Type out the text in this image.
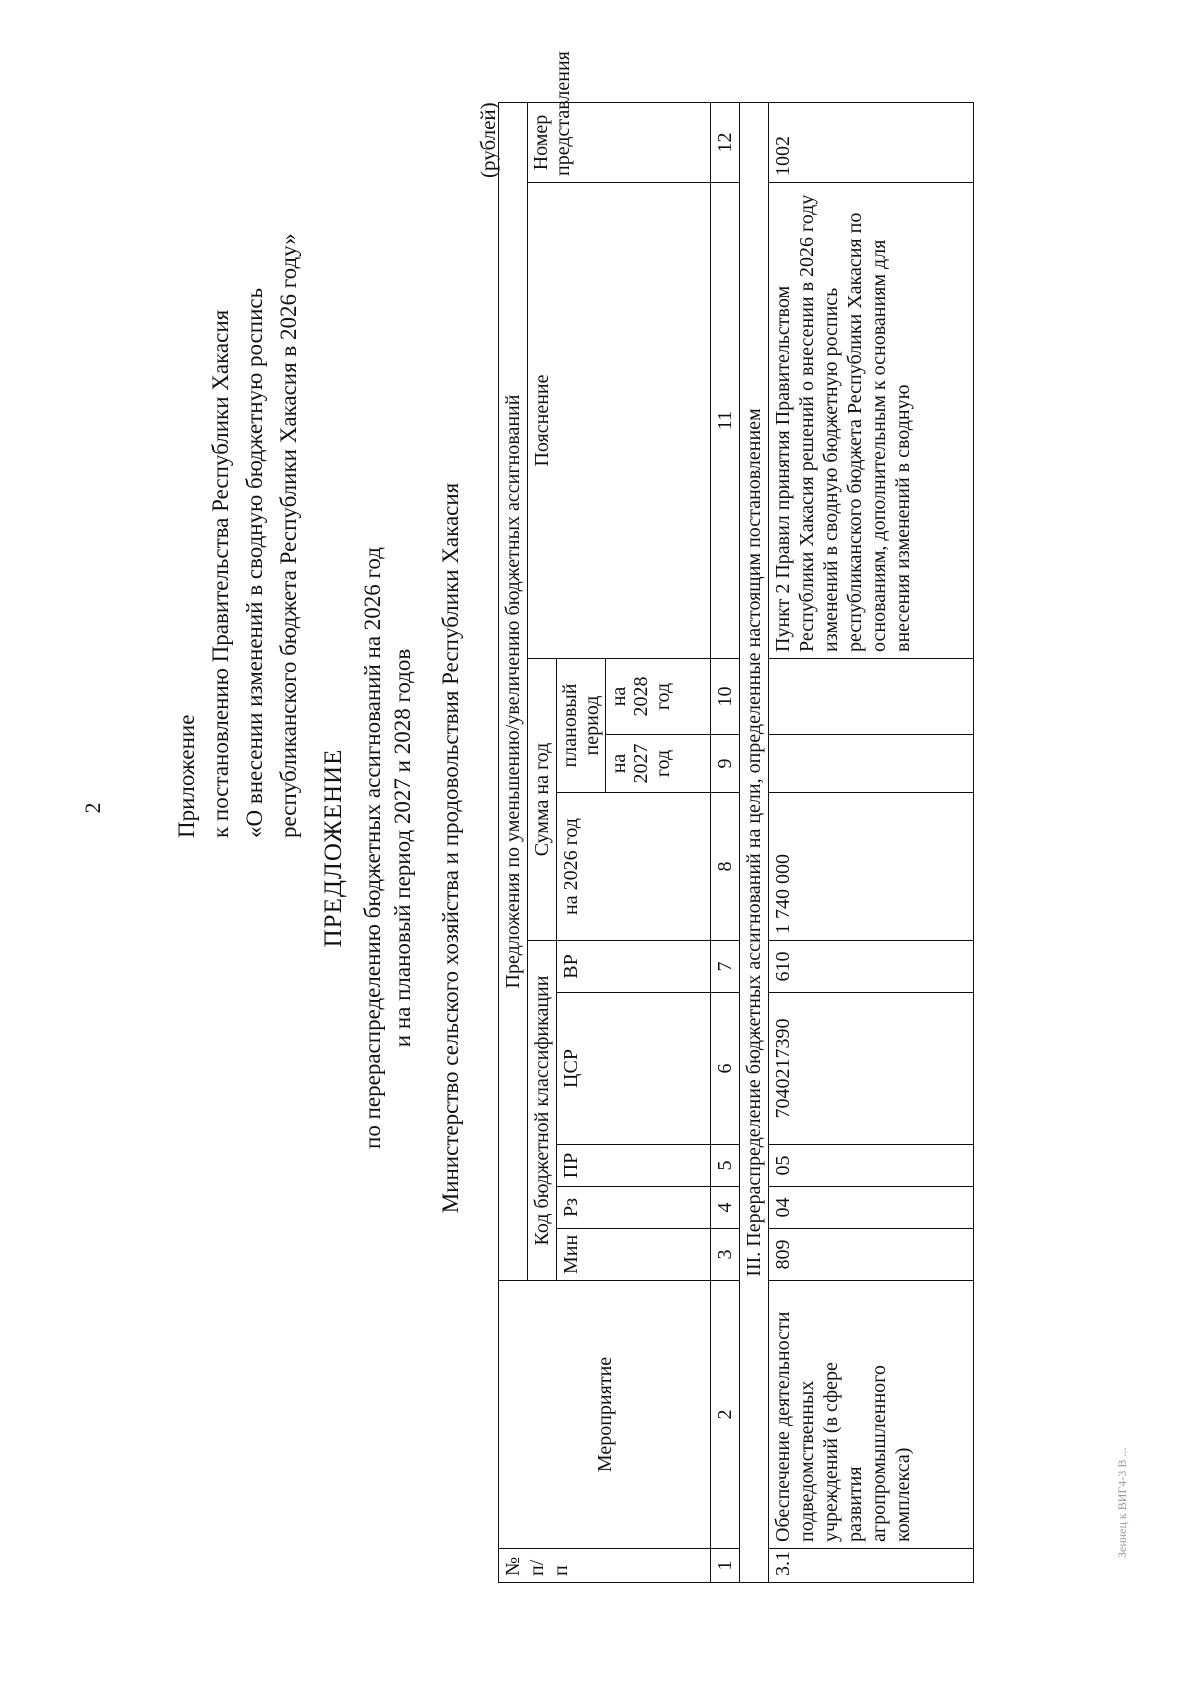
2	Приложение к постановлению Правительства Республики Хакасия «О внесении изменений в сводную бюджетную роспись республиканского бюджета Республики Хакасия в 2026 году»
ПРЕДЛОЖЕНИЕ по перераспределению бюджетных ассигнований на 2026 год и на плановый период 2027 и 2028 годов Министерство сельского хозяйства и продовольствия Республики Хакасия
(рублей)
Зеннец к ВИГ4-3 В ...
№ п/п	Мероприятие	Предложения по уменьшению/увеличению бюджетных ассигнований									
		Код бюджетной классификации					Сумма на год			Пояснение	Номер представления
		Мин	Рз	ПР	ЦСР	ВР	на 2026 год	плановый период			
								на 2027 год	на 2028 год		
1	2	3	4	5	6	7	8	9	10	11	12
III. Перераспределение бюджетных ассигнований на цели, определенные настоящим постановлением											
3.1	Обеспечение деятельности подведомственных учреждений (в сфере развития агропромышленного комплекса)	809	04	05	7040217390	610	1 740 000			Пункт 2 Правил принятия Правительством Республики Хакасия решений о внесении в 2026 году изменений в сводную бюджетную роспись республиканского бюджета Республики Хакасия по основаниям, дополнительным к основаниям для внесения изменений в сводную	1002
